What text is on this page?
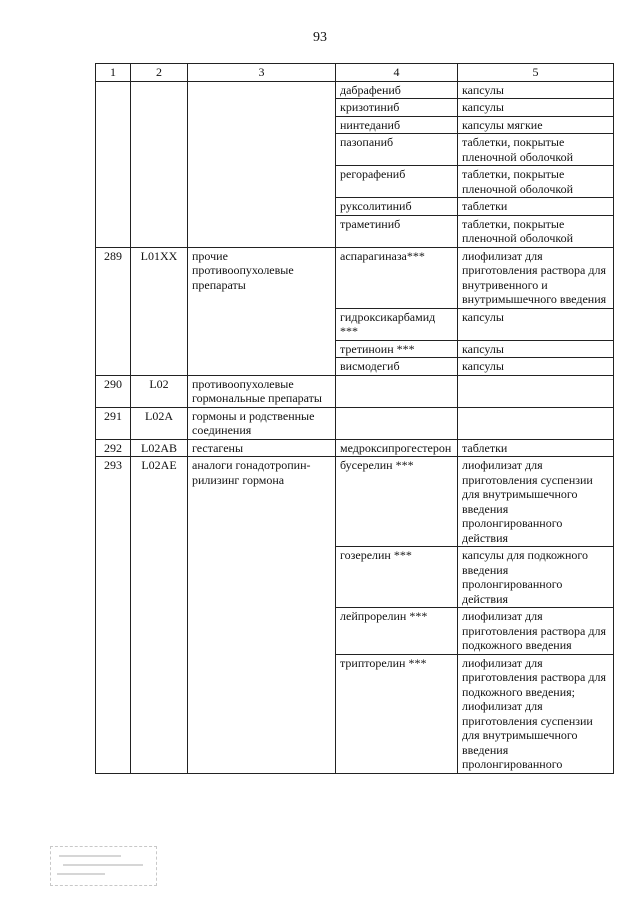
93
1	2	3	4	5
			дабрафениб	капсулы
			кризотиниб	капсулы
			нинтеданиб	капсулы мягкие
			пазопаниб	таблетки, покрытые пленочной оболочкой
			регорафениб	таблетки, покрытые пленочной оболочкой
			руксолитиниб	таблетки
			траметиниб	таблетки, покрытые пленочной оболочкой
289	L01XX	прочие противоопухолевые препараты	аспарагиназа***	лиофилизат для приготовления раствора для внутривенного и внутримышечного введения
			гидроксикарбамид ***	капсулы
			третиноин ***	капсулы
			висмодегиб	капсулы
290	L02	противоопухолевые гормональные препараты		
291	L02A	гормоны и родственные соединения		
292	L02AB	гестагены	медроксипрогестерон	таблетки
293	L02AE	аналоги гонадотропин-рилизинг гормона	бусерелин ***	лиофилизат для приготовления суспензии для внутримышечного введения пролонгированного действия
			гозерелин ***	капсулы для подкожного введения пролонгированного действия
			лейпрорелин ***	лиофилизат для приготовления раствора для подкожного введения
			трипторелин ***	лиофилизат для приготовления раствора для подкожного введения; лиофилизат для приготовления суспензии для внутримышечного введения пролонгированного
